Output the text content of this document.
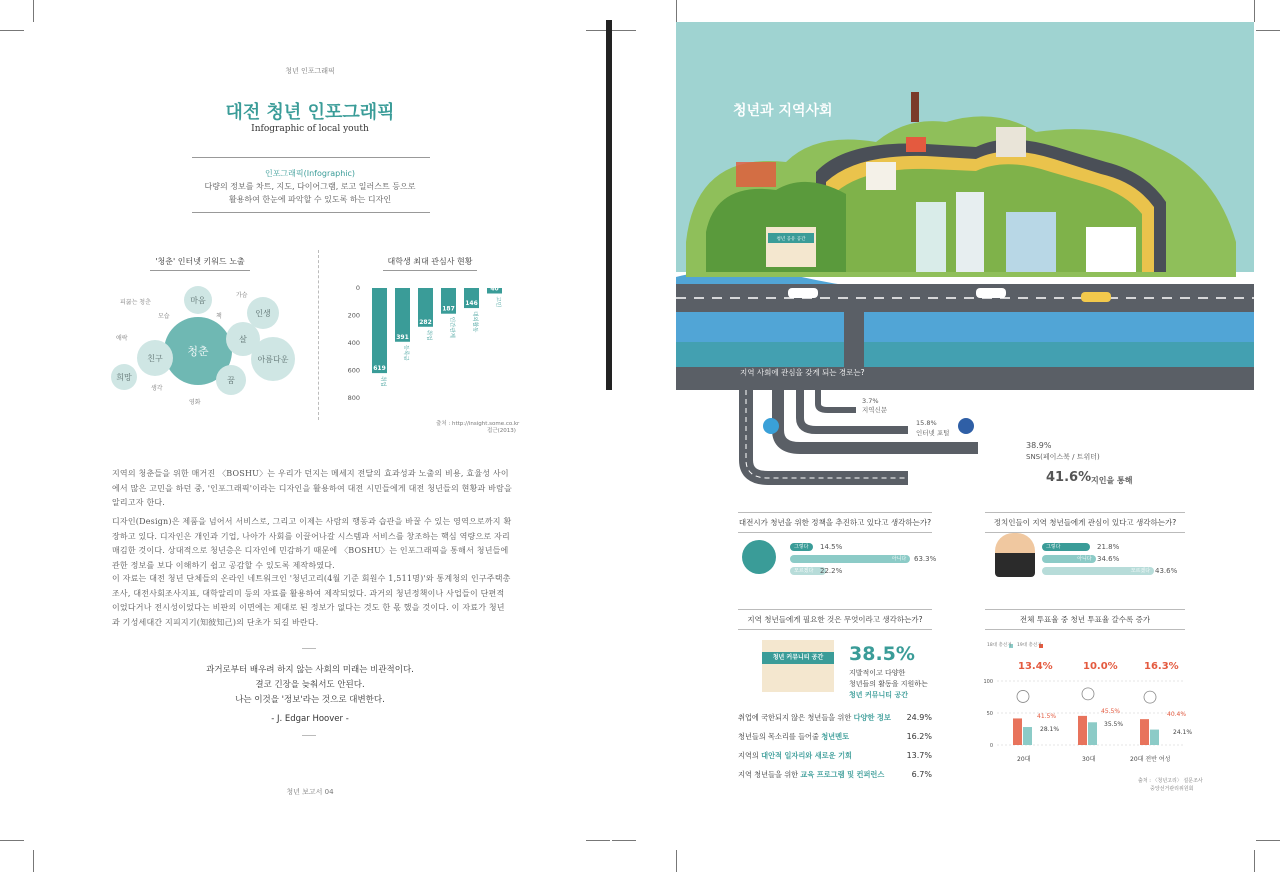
청년 인포그래픽
대전 청년 인포그래픽
Infographic of local youth
인포그래픽(Infographic)
다량의 정보를 차트, 지도, 다이어그램, 로고 일러스트 등으로
활용하여 한눈에 파악할 수 있도록 하는 디자인
'청춘' 인터넷 키워드 노출
청춘
친구
마음
인생
살
아름다운
꿈
희망
피끓는 청춘
가슴
모습	책
애락
생각
영화
대학생 최대 관심사 현황
0
200
400
600
800
619
취업
391
등록금
282
취업
187
인간관계
146
대외활동
40
고민
출처 : http://insight.some.co.kr
접근(2013)

지역의 청춘들을 위한 매거진 〈BOSHU〉는 우리가 던지는 메세지 전달의 효과성과 노출의 비용, 효율성 사이에서 많은 고민을 하던 중, '인포그래픽'이라는 디자인을 활용하여 대전 시민들에게 대전 청년들의 현황과 바람을 알리고자 한다.

디자인(Design)은 제품을 넘어서 서비스로, 그리고 이제는 사람의 행동과 습관을 바꿀 수 있는 영역으로까지 확장하고 있다. 디자인은 개인과 기업, 나아가 사회를 이끌어나갈 시스템과 서비스를 창조하는 핵심 역량으로 자리매김한 것이다. 상대적으로 청년층은 디자인에 민감하기 때문에 〈BOSHU〉는 인포그래픽을 통해서 청년들에 관한 정보를 보다 이해하기 쉽고 공감할 수 있도록 제작하였다.

이 자료는 대전 청년 단체들의 온라인 네트워크인 '청년고리(4월 기준 회원수 1,511명)'와 통계청의 인구주택총조사, 대전사회조사지표, 대학알리미 등의 자료를 활용하여 제작되었다. 과거의 청년정책이나 사업들이 단편적이었다거나 전시성이었다는 비판의 이면에는 제대로 된 정보가 없다는 것도 한 몫 했을 것이다. 이 자료가 청년과 기성세대간 지피지기(知彼知己)의 단초가 되길 바란다.

과거로부터 배우려 하지 않는 사회의 미래는 비관적이다.
결코 긴장을 늦춰서도 안된다.
나는 이것을 '정보'라는 것으로 대변한다.
- J. Edgar Hoover -
청년 보고서 04
청년과 지역사회
청년 공유 공간
지역 사회에 관심을 갖게 되는 경로는?
3.7%
지역신문
15.8%
인터넷 포털
38.9%
SNS(페이스북 / 트위터)
41.6% 지인을 통해
대전시가 청년을 위한 정책을 추진하고 있다고 생각하는가?
그렇다	14.5%
아니다	63.3%
모르겠다 22.2%
정치인들이 지역 청년들에게 관심이 있다고 생각하는가?
그렇다	21.8%
아니다 34.6%
모르겠다 43.6%
지역 청년들에게 필요한 것은 무엇이라고 생각하는가?
청년 커뮤니티 공간	38.5%
지발적이고 다양한
청년들의 활동을 지원하는
청년 커뮤니티 공간
취업에 국한되지 않은 청년들을 위한 다양한 정보 24.9%
청년들의 목소리를 들어줄 청년멘토	16.2%
지역의 대안적 일자리와 새로운 기회	13.7%
지역 청년들을 위한 교육 프로그램 및 컨퍼런스	6.7%
전체 투표율 중 청년 투표율 갈수록 증가
18대 총선거 19대 총선거
100
50
0
13.4%	10.0%	16.3%
41.5%
28.1%
45.5%
35.5%
40.4%
24.1%
20대	30대	20대 전반 여성
출처 : 〈청년고리〉 설문조사
중앙선거관리위원회
